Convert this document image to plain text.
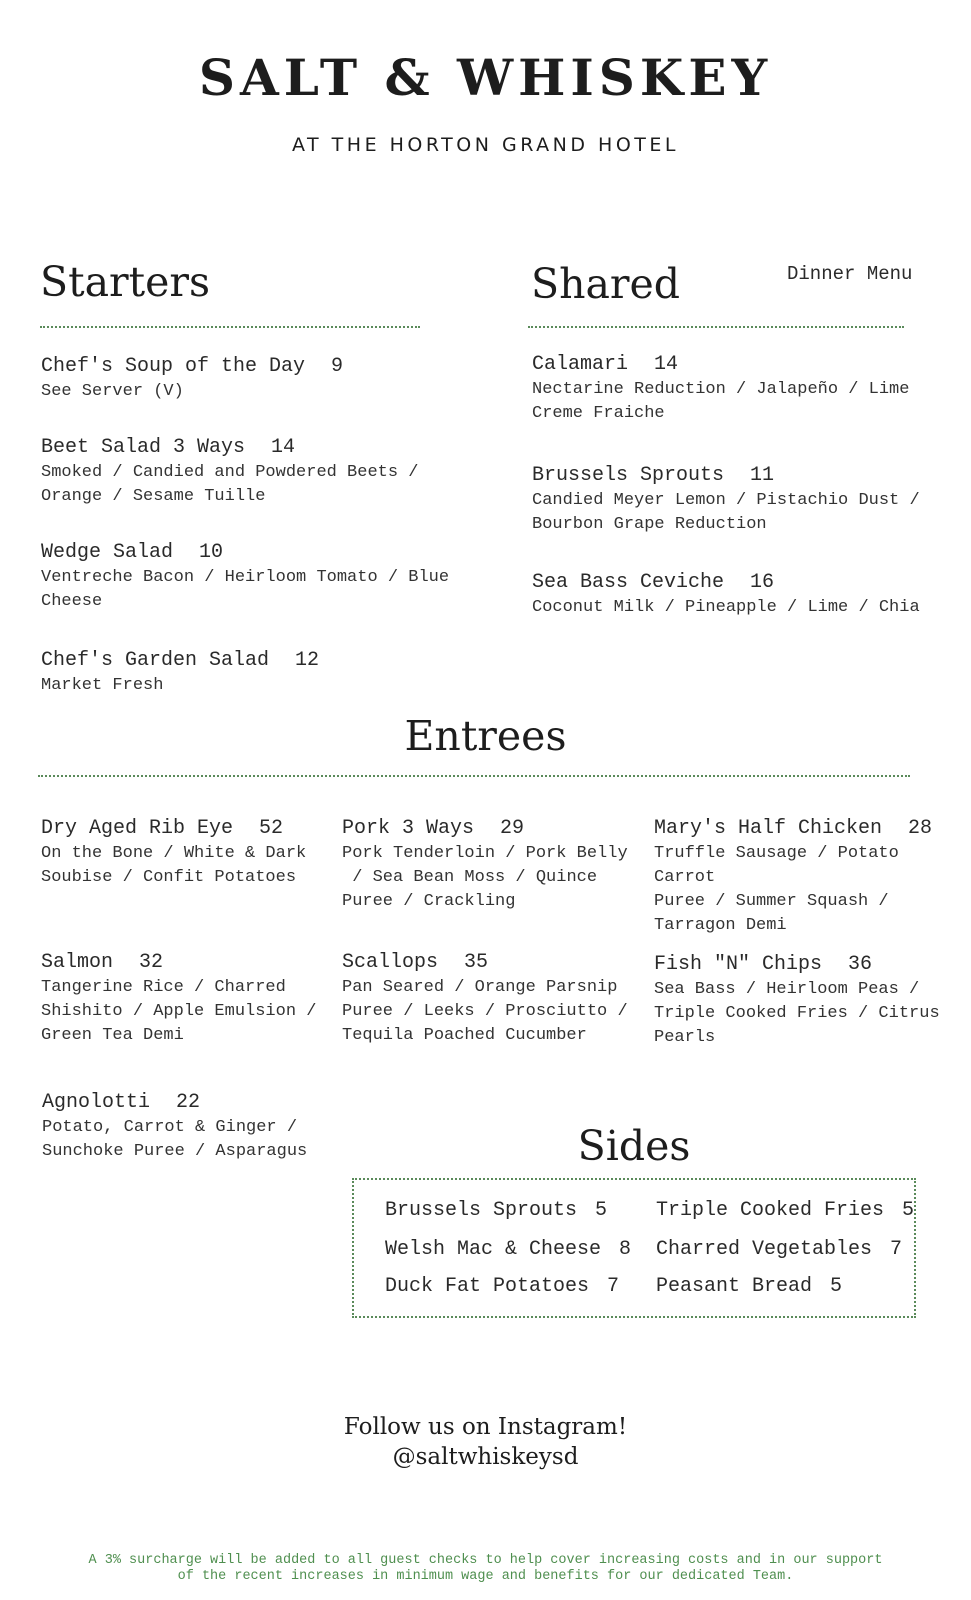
SALT & WHISKEY
AT THE HORTON GRAND HOTEL
Starters
Chef's Soup of the Day 9
See Server (V)
Beet Salad 3 Ways 14
Smoked / Candied and Powdered Beets /
Orange / Sesame Tuille
Wedge Salad 10
Ventreche Bacon / Heirloom Tomato / Blue
Cheese
Chef's Garden Salad 12
Market Fresh
Shared	Dinner Menu
Calamari 14
Nectarine Reduction / Jalapeño / Lime
Creme Fraiche
Brussels Sprouts 11
Candied Meyer Lemon / Pistachio Dust /
Bourbon Grape Reduction
Sea Bass Ceviche 16
Coconut Milk / Pineapple / Lime / Chia
Entrees
Dry Aged Rib Eye 52
On the Bone / White & Dark
Soubise / Confit Potatoes
Pork 3 Ways 29
Pork Tenderloin / Pork Belly
/ Sea Bean Moss / Quince
Puree / Crackling
Mary's Half Chicken 28
Truffle Sausage / Potato Carrot
Puree / Summer Squash /
Tarragon Demi
Salmon 32
Tangerine Rice / Charred
Shishito / Apple Emulsion /
Green Tea Demi
Scallops 35
Pan Seared / Orange Parsnip
Puree / Leeks / Prosciutto /
Tequila Poached Cucumber
Fish "N" Chips 36
Sea Bass / Heirloom Peas /
Triple Cooked Fries / Citrus
Pearls
Agnolotti 22
Potato, Carrot & Ginger /
Sunchoke Puree / Asparagus	Sides
Brussels Sprouts 5 Triple Cooked Fries 5
Welsh Mac & Cheese 8 Charred Vegetables 7
Duck Fat Potatoes 7 Peasant Bread 5
Follow us on Instagram!
@saltwhiskeysd
A 3% surcharge will be added to all guest checks to help cover increasing costs and in our support
of the recent increases in minimum wage and benefits for our dedicated Team.
